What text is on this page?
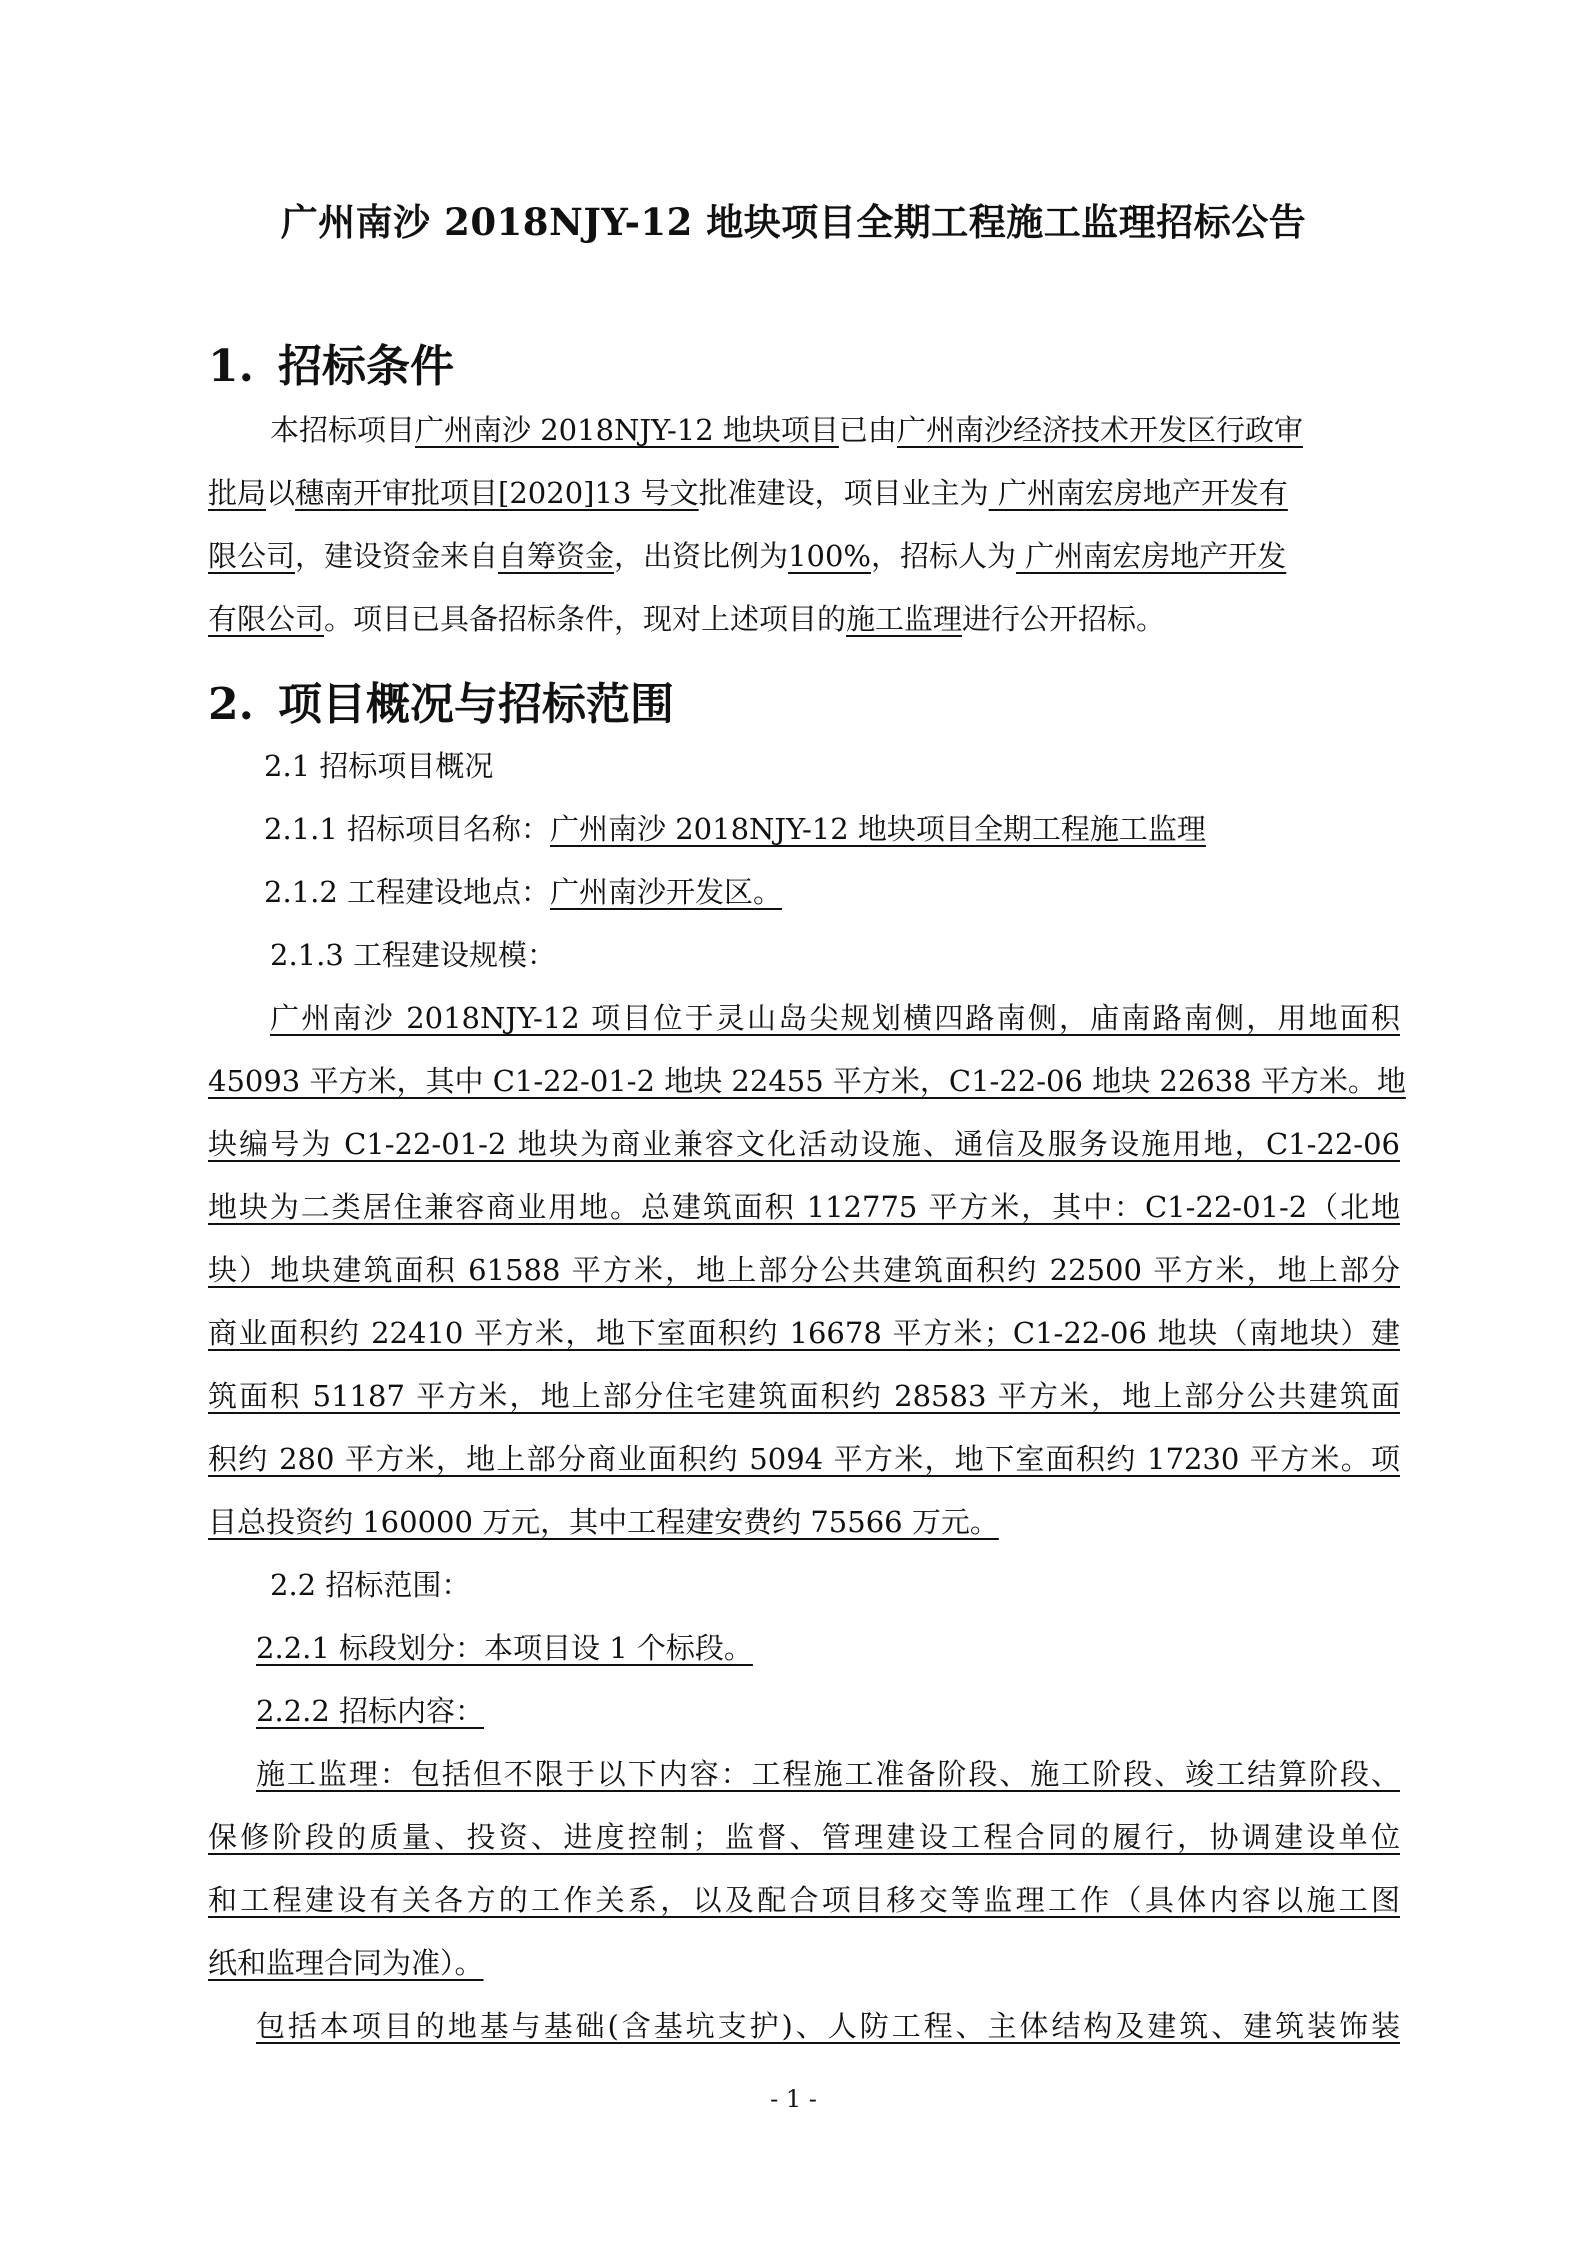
广州南沙 2018NJY-12 地块项目全期工程施工监理招标公告
1. 招标条件
本招标项目广州南沙 2018NJY-12 地块项目已由广州南沙经济技术开发区行政审
批局以穗南开审批项目[2020]13 号文批准建设，项目业主为 广州南宏房地产开发有
限公司，建设资金来自自筹资金，出资比例为100%，招标人为 广州南宏房地产开发
有限公司。项目已具备招标条件，现对上述项目的施工监理进行公开招标。
2. 项目概况与招标范围
2.1 招标项目概况
2.1.1 招标项目名称：广州南沙 2018NJY-12 地块项目全期工程施工监理
2.1.2 工程建设地点：广州南沙开发区。
2.1.3 工程建设规模：
广州南沙 2018NJY-12 项目位于灵山岛尖规划横四路南侧，庙南路南侧，用地面积
45093 平方米，其中 C1-22-01-2 地块 22455 平方米，C1-22-06 地块 22638 平方米。地
块编号为 C1-22-01-2 地块为商业兼容文化活动设施、通信及服务设施用地，C1-22-06
地块为二类居住兼容商业用地。总建筑面积 112775 平方米，其中：C1-22-01-2（北地
块）地块建筑面积 61588 平方米，地上部分公共建筑面积约 22500 平方米，地上部分
商业面积约 22410 平方米，地下室面积约 16678 平方米；C1-22-06 地块（南地块）建
筑面积 51187 平方米，地上部分住宅建筑面积约 28583 平方米，地上部分公共建筑面
积约 280 平方米，地上部分商业面积约 5094 平方米，地下室面积约 17230 平方米。项
目总投资约 160000 万元，其中工程建安费约 75566 万元。
2.2 招标范围：
2.2.1 标段划分：本项目设 1 个标段。
2.2.2 招标内容：
施工监理：包括但不限于以下内容：工程施工准备阶段、施工阶段、竣工结算阶段、
保修阶段的质量、投资、进度控制；监督、管理建设工程合同的履行，协调建设单位
和工程建设有关各方的工作关系，以及配合项目移交等监理工作（具体内容以施工图
纸和监理合同为准）。
包括本项目的地基与基础(含基坑支护)、人防工程、主体结构及建筑、建筑装饰装
- 1 -
